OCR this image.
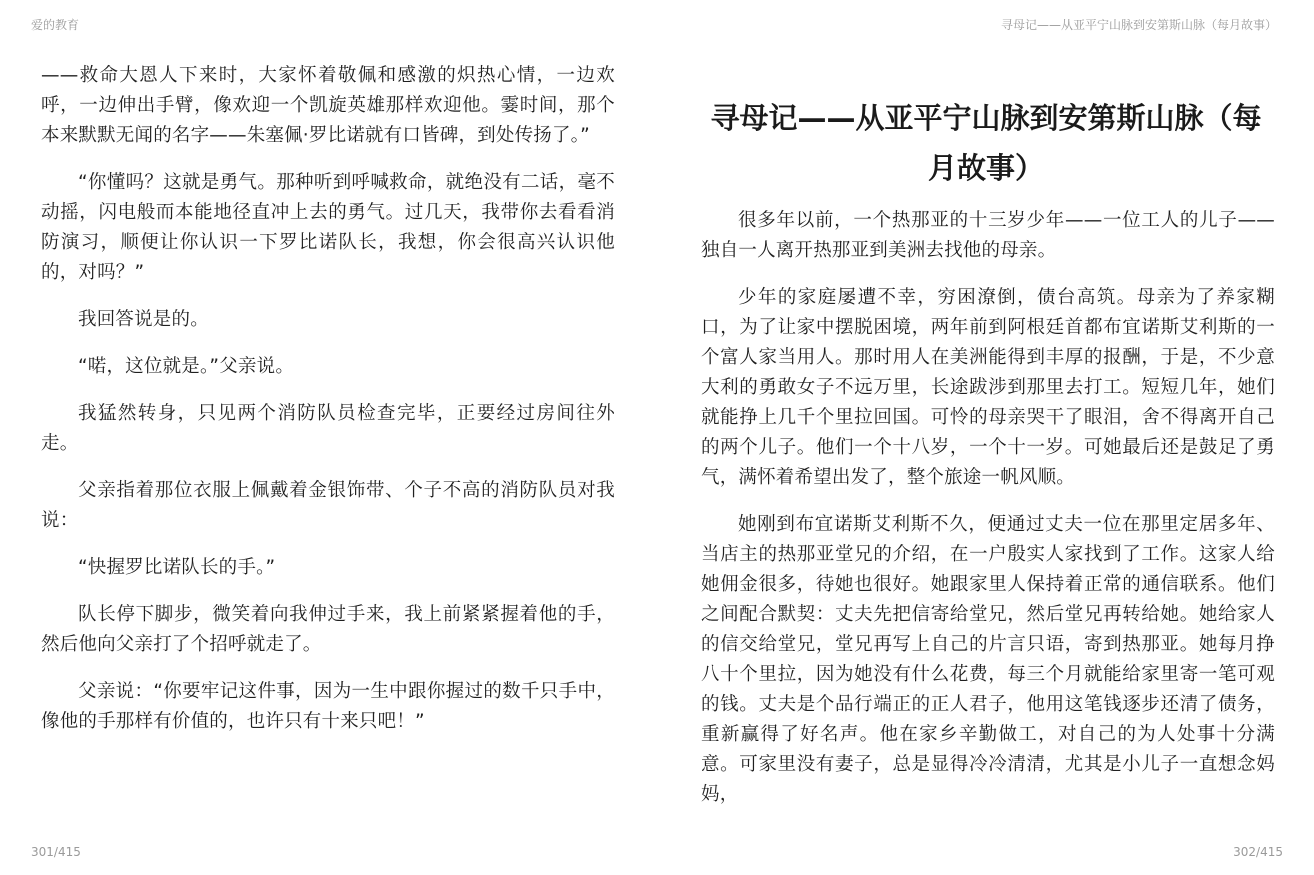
爱的教育

——救命大恩人下来时，大家怀着敬佩和感激的炽热心情，一边欢呼，一边伸出手臂，像欢迎一个凯旋英雄那样欢迎他。霎时间，那个本来默默无闻的名字——朱塞佩·罗比诺就有口皆碑，到处传扬了。”

“你懂吗？这就是勇气。那种听到呼喊救命，就绝没有二话，毫不动摇，闪电般而本能地径直冲上去的勇气。过几天，我带你去看看消防演习，顺便让你认识一下罗比诺队长，我想，你会很高兴认识他的，对吗？”

我回答说是的。

“喏，这位就是。”父亲说。

我猛然转身，只见两个消防队员检查完毕，正要经过房间往外走。

父亲指着那位衣服上佩戴着金银饰带、个子不高的消防队员对我说：

“快握罗比诺队长的手。”

队长停下脚步，微笑着向我伸过手来，我上前紧紧握着他的手，然后他向父亲打了个招呼就走了。

父亲说：“你要牢记这件事，因为一生中跟你握过的数千只手中，像他的手那样有价值的，也许只有十来只吧！”

301/415
寻母记——从亚平宁山脉到安第斯山脉（每月故事）
寻母记——从亚平宁山脉到安第斯山脉（每月故事）

很多年以前，一个热那亚的十三岁少年——一位工人的儿子——独自一人离开热那亚到美洲去找他的母亲。

少年的家庭屡遭不幸，穷困潦倒，债台高筑。母亲为了养家糊口，为了让家中摆脱困境，两年前到阿根廷首都布宜诺斯艾利斯的一个富人家当用人。那时用人在美洲能得到丰厚的报酬，于是，不少意大利的勇敢女子不远万里，长途跋涉到那里去打工。短短几年，她们就能挣上几千个里拉回国。可怜的母亲哭干了眼泪，舍不得离开自己的两个儿子。他们一个十八岁，一个十一岁。可她最后还是鼓足了勇气，满怀着希望出发了，整个旅途一帆风顺。

她刚到布宜诺斯艾利斯不久，便通过丈夫一位在那里定居多年、当店主的热那亚堂兄的介绍，在一户殷实人家找到了工作。这家人给她佣金很多，待她也很好。她跟家里人保持着正常的通信联系。他们之间配合默契：丈夫先把信寄给堂兄，然后堂兄再转给她。她给家人的信交给堂兄，堂兄再写上自己的片言只语，寄到热那亚。她每月挣八十个里拉，因为她没有什么花费，每三个月就能给家里寄一笔可观的钱。丈夫是个品行端正的正人君子，他用这笔钱逐步还清了债务，重新赢得了好名声。他在家乡辛勤做工，对自己的为人处事十分满意。可家里没有妻子，总是显得冷冷清清，尤其是小儿子一直想念妈妈，

302/415
